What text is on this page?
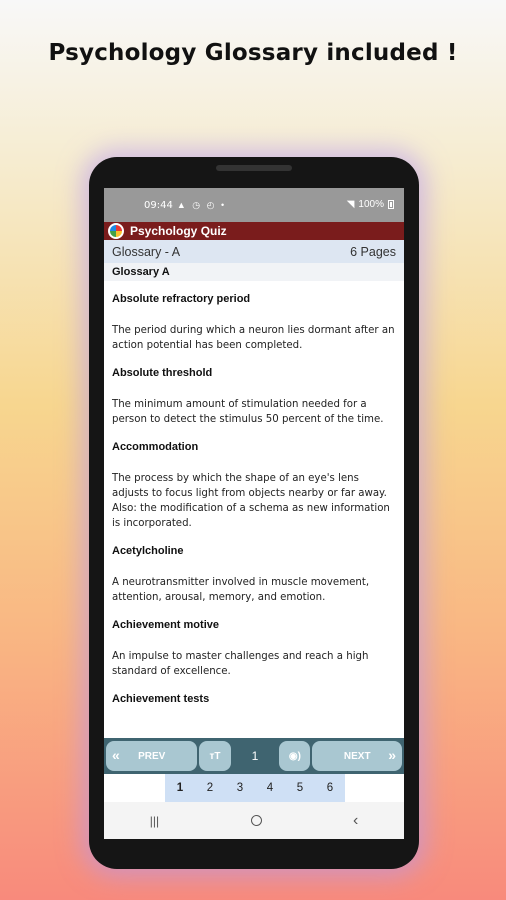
Psychology Glossary included !
09:44 ▲ ◷ ◴ •	◥ 100%
Psychology Quiz
Glossary - A	6 Pages
Glossary A
Absolute refractory period
The period during which a neuron lies dormant after an action potential has been completed.
Absolute threshold
The minimum amount of stimulation needed for a person to detect the stimulus 50 percent of the time.
Accommodation
The process by which the shape of an eye's lens adjusts to focus light from objects nearby or far away. Also: the modification of a schema as new information is incorporated.
Acetylcholine
A neurotransmitter involved in muscle movement, attention, arousal, memory, and emotion.
Achievement motive
An impulse to master challenges and reach a high standard of excellence.
Achievement tests
« PREV	ᴛT	1	◉)	NEXT »
1	2	3	4	5	6
|||	‹
